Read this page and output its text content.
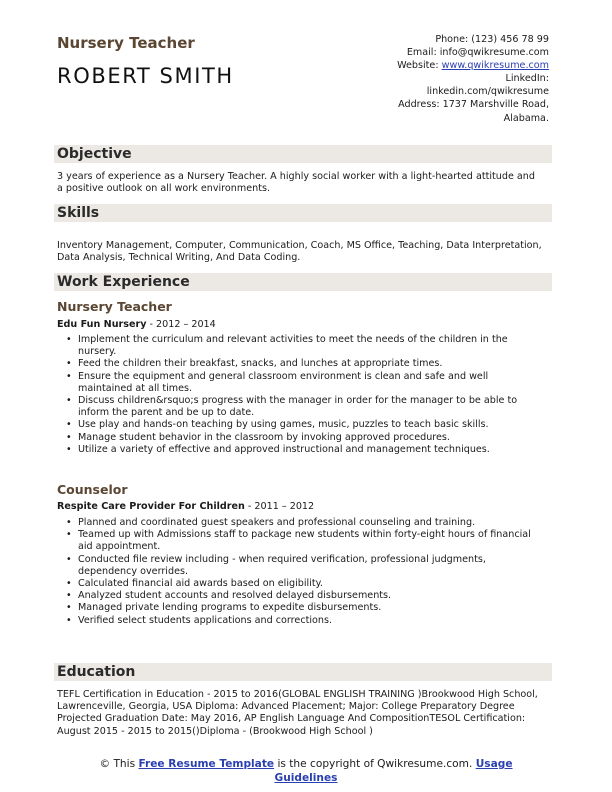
Nursery Teacher
ROBERT SMITH
Phone: (123) 456 78 99
Email: info@qwikresume.com
Website: www.qwikresume.com
LinkedIn:
linkedin.com/qwikresume
Address: 1737 Marshville Road,
Alabama.
Objective
3 years of experience as a Nursery Teacher. A highly social worker with a light-hearted attitude and a positive outlook on all work environments.
Skills
Inventory Management, Computer, Communication, Coach, MS Office, Teaching, Data Interpretation, Data Analysis, Technical Writing, And Data Coding.
Work Experience
Nursery Teacher
Edu Fun Nursery - 2012 – 2014
• Implement the curriculum and relevant activities to meet the needs of the children in the nursery.
• Feed the children their breakfast, snacks, and lunches at appropriate times.
• Ensure the equipment and general classroom environment is clean and safe and well maintained at all times.
• Discuss children&rsquo;s progress with the manager in order for the manager to be able to inform the parent and be up to date.
• Use play and hands-on teaching by using games, music, puzzles to teach basic skills.
• Manage student behavior in the classroom by invoking approved procedures.
• Utilize a variety of effective and approved instructional and management techniques.
Counselor
Respite Care Provider For Children - 2011 – 2012
• Planned and coordinated guest speakers and professional counseling and training.
• Teamed up with Admissions staff to package new students within forty-eight hours of financial aid appointment.
• Conducted file review including - when required verification, professional judgments, dependency overrides.
• Calculated financial aid awards based on eligibility.
• Analyzed student accounts and resolved delayed disbursements.
• Managed private lending programs to expedite disbursements.
• Verified select students applications and corrections.
Education
TEFL Certification in Education - 2015 to 2016(GLOBAL ENGLISH TRAINING )Brookwood High School, Lawrenceville, Georgia, USA Diploma: Advanced Placement; Major: College Preparatory Degree Projected Graduation Date: May 2016, AP English Language And CompositionTESOL Certification: August 2015 - 2015 to 2015()Diploma - (Brookwood High School )
© This Free Resume Template is the copyright of Qwikresume.com. Usage Guidelines
